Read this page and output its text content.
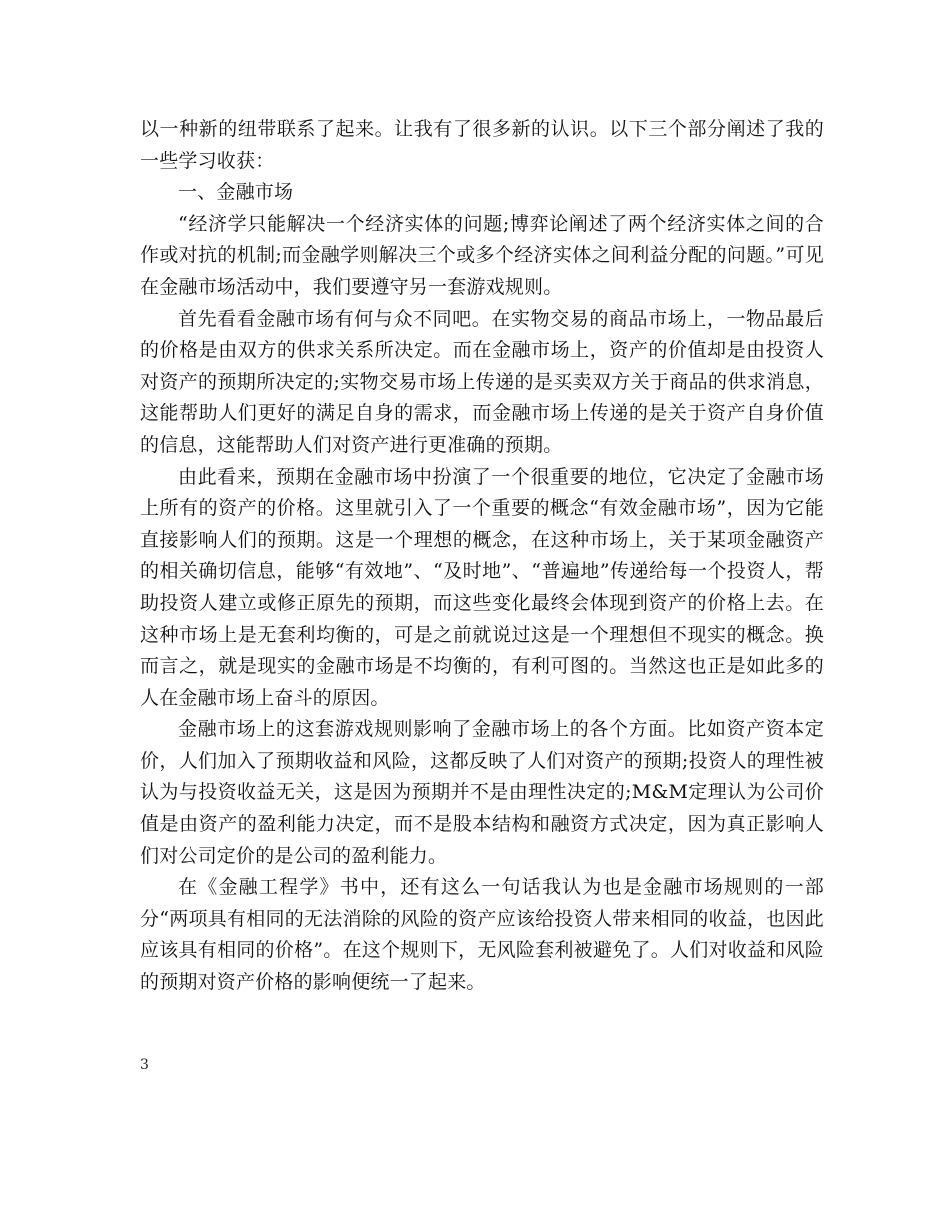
以一种新的纽带联系了起来。让我有了很多新的认识。以下三个部分阐述了我的一些学习收获：

一、金融市场

“经济学只能解决一个经济实体的问题;博弈论阐述了两个经济实体之间的合作或对抗的机制;而金融学则解决三个或多个经济实体之间利益分配的问题。”可见在金融市场活动中，我们要遵守另一套游戏规则。

首先看看金融市场有何与众不同吧。在实物交易的商品市场上，一物品最后的价格是由双方的供求关系所决定。而在金融市场上，资产的价值却是由投资人对资产的预期所决定的;实物交易市场上传递的是买卖双方关于商品的供求消息，这能帮助人们更好的满足自身的需求，而金融市场上传递的是关于资产自身价值的信息，这能帮助人们对资产进行更准确的预期。

由此看来，预期在金融市场中扮演了一个很重要的地位，它决定了金融市场上所有的资产的价格。这里就引入了一个重要的概念“有效金融市场”，因为它能直接影响人们的预期。这是一个理想的概念，在这种市场上，关于某项金融资产的相关确切信息，能够“有效地”、“及时地”、“普遍地”传递给每一个投资人，帮助投资人建立或修正原先的预期，而这些变化最终会体现到资产的价格上去。在这种市场上是无套利均衡的，可是之前就说过这是一个理想但不现实的概念。换而言之，就是现实的金融市场是不均衡的，有利可图的。当然这也正是如此多的人在金融市场上奋斗的原因。

金融市场上的这套游戏规则影响了金融市场上的各个方面。比如资产资本定价，人们加入了预期收益和风险，这都反映了人们对资产的预期;投资人的理性被认为与投资收益无关，这是因为预期并不是由理性决定的;M&M定理认为公司价值是由资产的盈利能力决定，而不是股本结构和融资方式决定，因为真正影响人们对公司定价的是公司的盈利能力。

在《金融工程学》书中，还有这么一句话我认为也是金融市场规则的一部分“两项具有相同的无法消除的风险的资产应该给投资人带来相同的收益，也因此应该具有相同的价格”。在这个规则下，无风险套利被避免了。人们对收益和风险的预期对资产价格的影响便统一了起来。

3
